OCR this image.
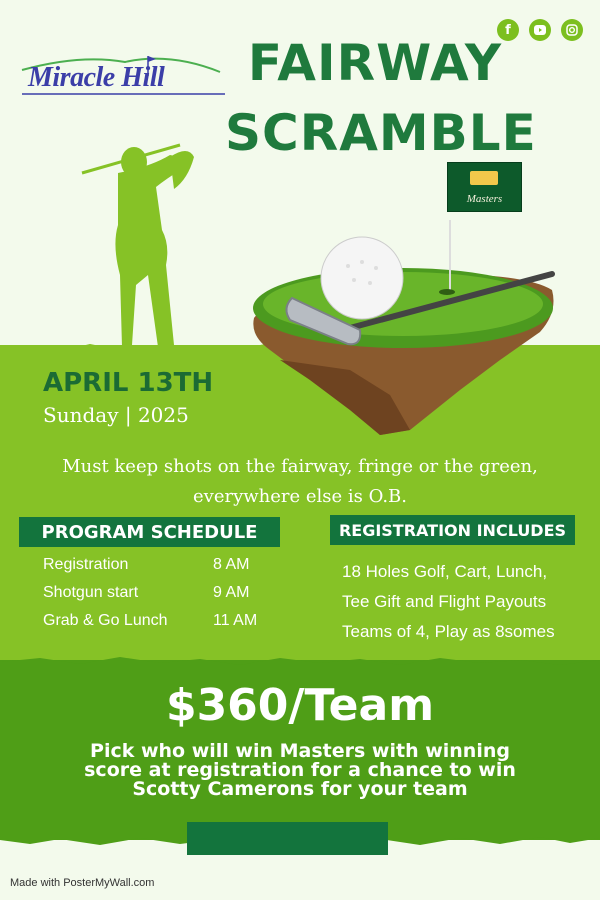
f
Miracle Hill	FAIRWAY
SCRAMBLE
Masters
APRIL 13TH
Sunday | 2025
Must keep shots on the fairway, fringe or the green, everywhere else is O.B.
PROGRAM SCHEDULE	REGISTRATION INCLUDES
Registration	8 AM
Shotgun start	9 AM
Grab & Go Lunch	11 AM
18 Holes Golf, Cart, Lunch,
Tee Gift and Flight Payouts
Teams of 4, Play as 8somes
$360/Team
Pick who will win Masters with winning score at registration for a chance to win Scotty Camerons for your team
Made with PosterMyWall.com
